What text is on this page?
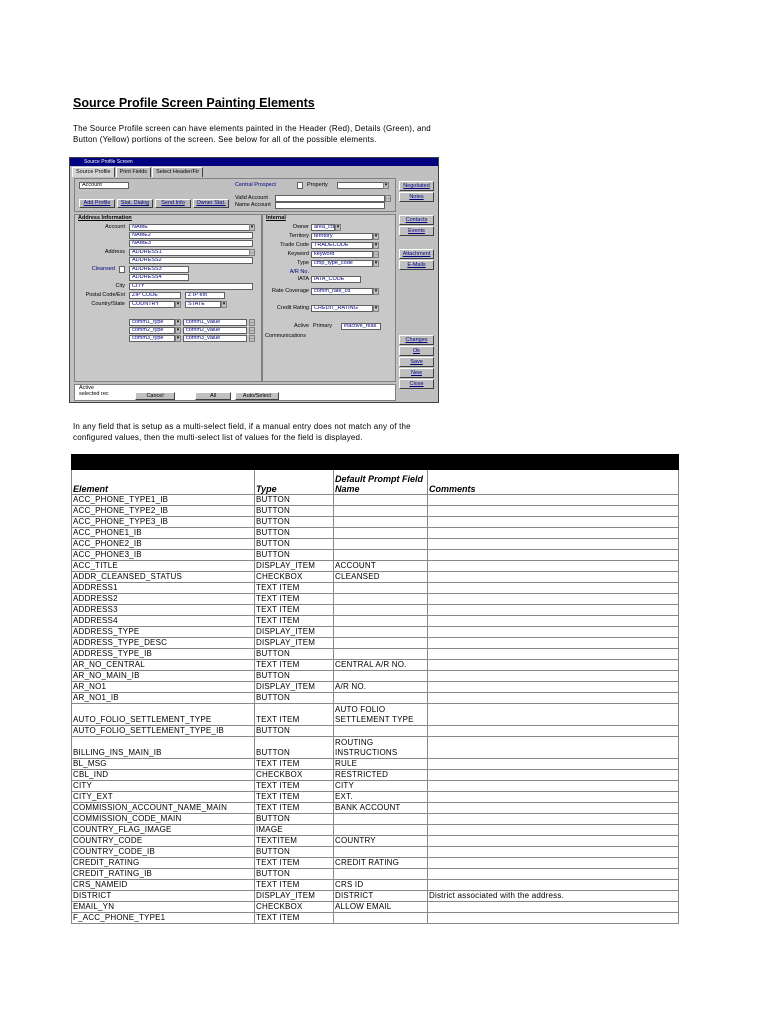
Source Profile Screen Painting Elements
The Source Profile screen can have elements painted in the Header (Red), Details (Green), and
Button (Yellow) portions of the screen. See below for all of the possible elements.
Source Profile Screen
Source Profile	Print Fields	Select Header/Ftr
Account	Central Prospect	Property	▾
Add Profile	Stat. Dialog	Send Info	Owner Stat.
Valid Account
Name Account
…
Address Information
Account	NAME	▾
NAME2
NAME3
Address	ADDRESS1	…
ADDRESS2
Cleansed	ADDRESS3
ADDRESS4
City	CITY
Postal Code/Ext	ZIP CODE	Z IP ext
Country/State	COUNTRY	▾	STATE	▾
comm1_type	▾	comm1_value	…
comm2_type	▾	comm2_value	…
comm3_type	▾	comm3_value	…
Internal
Owner area_cd ▾
Territory territory	▾
Trade Code TRADECODE	▾
Keyword keyword	…
Type cmp_type_code	▾
A/R No.
IATA IATA_CODE
Rate Coverage comm_rate_cd	▾
Credit Rating CREDIT_RATING	▾
Active Primary	inactive_reas
Communications
Active
selected rec	Cancel	All	Auto/Select
Negotiated
Notes
Contacts
Events
Attachment
E-Mails
Changes
Ok
Save
New
Close
In any field that is setup as a multi-select field, if a manual entry does not match any of the
configured values, then the multi-select list of values for the field is displayed.

Element	Type	Default Prompt Field Name	Comments
ACC_PHONE_TYPE1_IB	BUTTON		
ACC_PHONE_TYPE2_IB	BUTTON		
ACC_PHONE_TYPE3_IB	BUTTON		
ACC_PHONE1_IB	BUTTON		
ACC_PHONE2_IB	BUTTON		
ACC_PHONE3_IB	BUTTON		
ACC_TITLE	DISPLAY_ITEM	ACCOUNT	
ADDR_CLEANSED_STATUS	CHECKBOX	CLEANSED	
ADDRESS1	TEXT ITEM		
ADDRESS2	TEXT ITEM		
ADDRESS3	TEXT ITEM		
ADDRESS4	TEXT ITEM		
ADDRESS_TYPE	DISPLAY_ITEM		
ADDRESS_TYPE_DESC	DISPLAY_ITEM		
ADDRESS_TYPE_IB	BUTTON		
AR_NO_CENTRAL	TEXT ITEM	CENTRAL A/R NO.	
AR_NO_MAIN_IB	BUTTON		
AR_NO1	DISPLAY_ITEM	A/R NO.	
AR_NO1_IB	BUTTON		
AUTO_FOLIO_SETTLEMENT_TYPE	TEXT ITEM	AUTO FOLIO SETTLEMENT TYPE	
AUTO_FOLIO_SETTLEMENT_TYPE_IB	BUTTON		
BILLING_INS_MAIN_IB	BUTTON	ROUTING INSTRUCTIONS	
BL_MSG	TEXT ITEM	RULE	
CBL_IND	CHECKBOX	RESTRICTED	
CITY	TEXT ITEM	CITY	
CITY_EXT	TEXT ITEM	EXT.	
COMMISSION_ACCOUNT_NAME_MAIN	TEXT ITEM	BANK ACCOUNT	
COMMISSION_CODE_MAIN	BUTTON		
COUNTRY_FLAG_IMAGE	IMAGE		
COUNTRY_CODE	TEXTITEM	COUNTRY	
COUNTRY_CODE_IB	BUTTON		
CREDIT_RATING	TEXT ITEM	CREDIT RATING	
CREDIT_RATING_IB	BUTTON		
CRS_NAMEID	TEXT ITEM	CRS ID	
DISTRICT	DISPLAY_ITEM	DISTRICT	District associated with the address.
EMAIL_YN	CHECKBOX	ALLOW EMAIL	
F_ACC_PHONE_TYPE1	TEXT ITEM		
